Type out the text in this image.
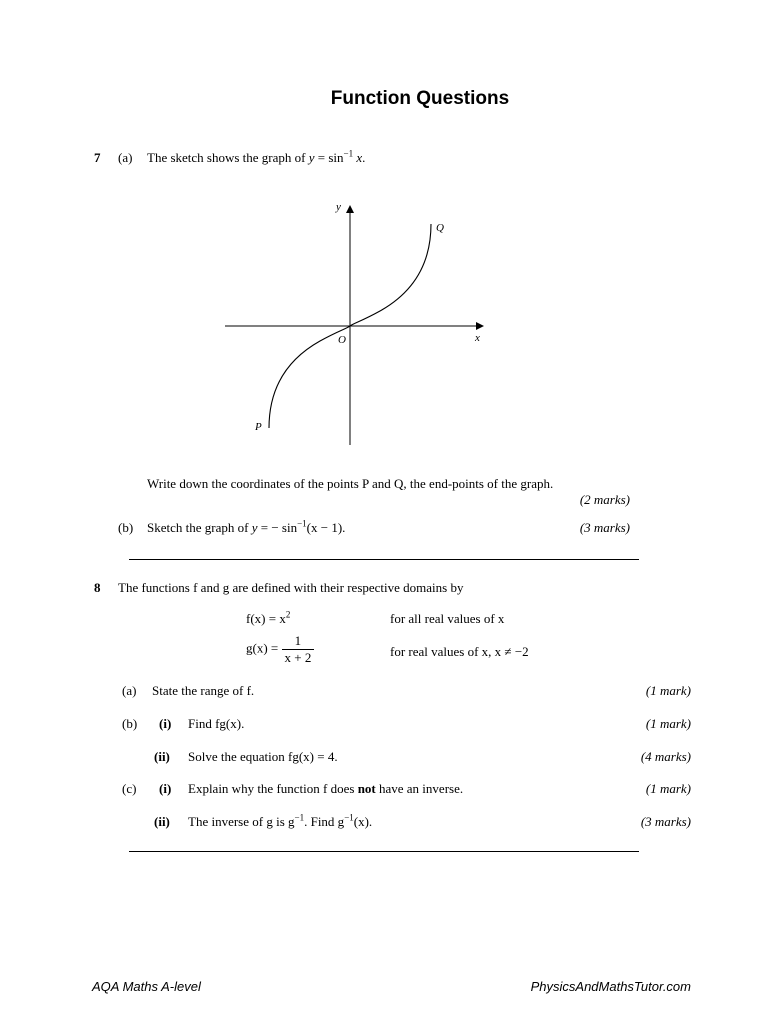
Function Questions
7 (a) The sketch shows the graph of $y = \sin^{-1} x$.
y
x
O
P
Q
Write down the coordinates of the points P and Q, the end-points of the graph.
(2 marks)
(b) Sketch the graph of y = − $\sin^{-1}(x - 1)$.	(3 marks)
8 The functions f and g are defined with their respective domains by
$f(x) = x^2$	for all real values of x
$g(x) = \frac{1}{x + 2}$	for real values of x, x ≠ −2
(a) State the range of f.	(1 mark)
(b) (i) Find fg(x).	(1 mark)
(ii) Solve the equation fg(x) = 4.	(4 marks)
(c) (i) Explain why the function f does not have an inverse.	(1 mark)
(ii) The inverse of g is $g^{-1}$. Find $g^{-1}(x)$.	(3 marks)
AQA Maths A-level	PhysicsAndMathsTutor.com
